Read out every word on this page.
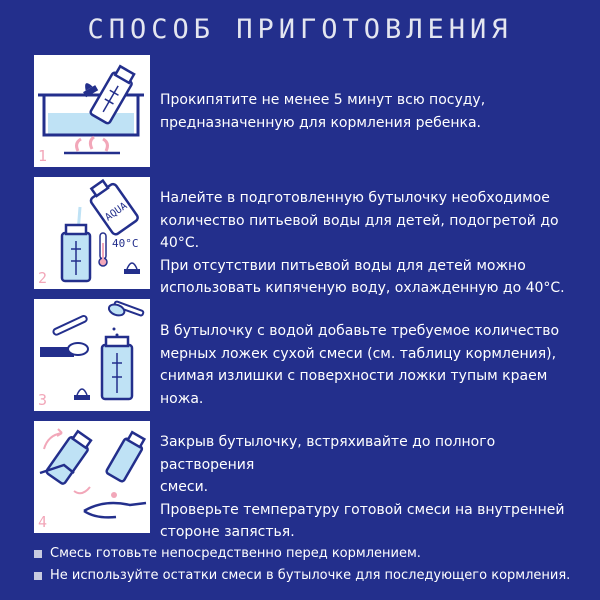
СПОСОБ ПРИГОТОВЛЕНИЯ
1
Прокипятите не менее 5 минут всю посуду,
предназначенную для кормления ребенка.
AQUA
40°C
2
Налейте в подготовленную бутылочку необходимое
количество питьевой воды для детей, подогретой до 40°С.
При отсутствии питьевой воды для детей можно
использовать кипяченую воду, охлажденную до 40°С.
3
В бутылочку с водой добавьте требуемое количество
мерных ложек сухой смеси (см. таблицу кормления),
снимая излишки с поверхности ложки тупым краем ножа.
4
Закрыв бутылочку, встряхивайте до полного растворения
смеси.
Проверьте температуру готовой смеси на внутренней
стороне запястья.
Смесь готовьте непосредственно перед кормлением.
Не используйте остатки смеси в бутылочке для последующего кормления.
